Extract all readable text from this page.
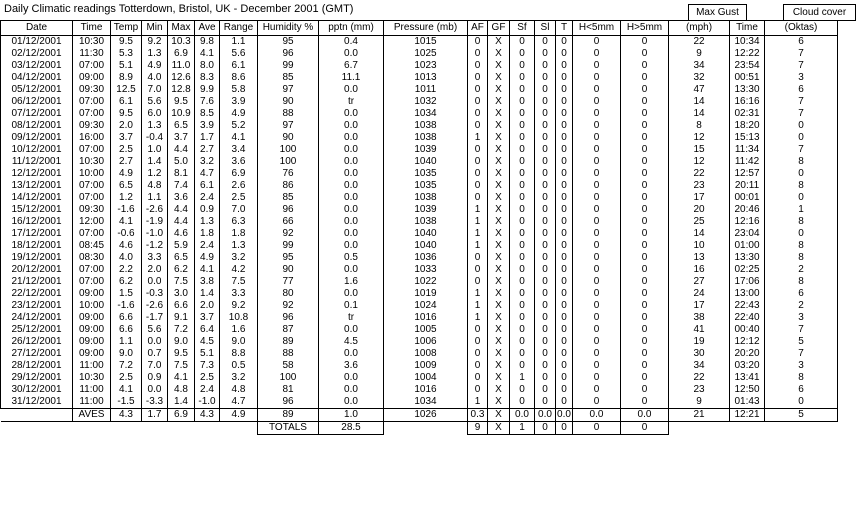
Daily Climatic readings Totterdown, Bristol, UK - December 2001 (GMT)	Max Gust	Cloud cover
Date	Time	Temp	Min	Max	Ave	Range	Humidity %	pptn (mm)	Pressure (mb)	AF	GF	Sf	Sl	T	H<5mm	H>5mm	(mph)	Time	(Oktas)
01/12/2001	10:30	9.5	9.2	10.3	9.8	1.1	95	0.4	1015	0	X	0	0	0	0	0	22	10:34	6
02/12/2001	11:30	5.3	1.3	6.9	4.1	5.6	96	0.0	1025	0	X	0	0	0	0	0	9	12:22	7
03/12/2001	07:00	5.1	4.9	11.0	8.0	6.1	99	6.7	1023	0	X	0	0	0	0	0	34	23:54	7
04/12/2001	09:00	8.9	4.0	12.6	8.3	8.6	85	11.1	1013	0	X	0	0	0	0	0	32	00:51	3
05/12/2001	09:30	12.5	7.0	12.8	9.9	5.8	97	0.0	1011	0	X	0	0	0	0	0	47	13:30	6
06/12/2001	07:00	6.1	5.6	9.5	7.6	3.9	90	tr	1032	0	X	0	0	0	0	0	14	16:16	7
07/12/2001	07:00	9.5	6.0	10.9	8.5	4.9	88	0.0	1034	0	X	0	0	0	0	0	14	02:31	7
08/12/2001	09:30	2.0	1.3	6.5	3.9	5.2	97	0.0	1038	0	X	0	0	0	0	0	8	18:20	0
09/12/2001	16:00	3.7	-0.4	3.7	1.7	4.1	90	0.0	1038	1	X	0	0	0	0	0	12	15:13	0
10/12/2001	07:00	2.5	1.0	4.4	2.7	3.4	100	0.0	1039	0	X	0	0	0	0	0	15	11:34	7
11/12/2001	10:30	2.7	1.4	5.0	3.2	3.6	100	0.0	1040	0	X	0	0	0	0	0	12	11:42	8
12/12/2001	10:00	4.9	1.2	8.1	4.7	6.9	76	0.0	1035	0	X	0	0	0	0	0	22	12:57	0
13/12/2001	07:00	6.5	4.8	7.4	6.1	2.6	86	0.0	1035	0	X	0	0	0	0	0	23	20:11	8
14/12/2001	07:00	1.2	1.1	3.6	2.4	2.5	85	0.0	1038	0	X	0	0	0	0	0	17	00:01	0
15/12/2001	09:30	-1.6	-2.6	4.4	0.9	7.0	96	0.0	1039	1	X	0	0	0	0	0	20	20:46	1
16/12/2001	12:00	4.1	-1.9	4.4	1.3	6.3	66	0.0	1038	1	X	0	0	0	0	0	25	12:16	8
17/12/2001	07:00	-0.6	-1.0	4.6	1.8	1.8	92	0.0	1040	1	X	0	0	0	0	0	14	23:04	0
18/12/2001	08:45	4.6	-1.2	5.9	2.4	1.3	99	0.0	1040	1	X	0	0	0	0	0	10	01:00	8
19/12/2001	08:30	4.0	3.3	6.5	4.9	3.2	95	0.5	1036	0	X	0	0	0	0	0	13	13:30	8
20/12/2001	07:00	2.2	2.0	6.2	4.1	4.2	90	0.0	1033	0	X	0	0	0	0	0	16	02:25	2
21/12/2001	07:00	6.2	0.0	7.5	3.8	7.5	77	1.6	1022	0	X	0	0	0	0	0	27	17:06	8
22/12/2001	09:00	1.5	-0.3	3.0	1.4	3.3	80	0.0	1019	1	X	0	0	0	0	0	24	13:00	6
23/12/2001	10:00	-1.6	-2.6	6.6	2.0	9.2	92	0.1	1024	1	X	0	0	0	0	0	17	22:43	2
24/12/2001	09:00	6.6	-1.7	9.1	3.7	10.8	96	tr	1016	1	X	0	0	0	0	0	38	22:40	3
25/12/2001	09:00	6.6	5.6	7.2	6.4	1.6	87	0.0	1005	0	X	0	0	0	0	0	41	00:40	7
26/12/2001	09:00	1.1	0.0	9.0	4.5	9.0	89	4.5	1006	0	X	0	0	0	0	0	19	12:12	5
27/12/2001	09:00	9.0	0.7	9.5	5.1	8.8	88	0.0	1008	0	X	0	0	0	0	0	30	20:20	7
28/12/2001	11:00	7.2	7.0	7.5	7.3	0.5	58	3.6	1009	0	X	0	0	0	0	0	34	03:20	3
29/12/2001	10:30	2.5	0.9	4.1	2.5	3.2	100	0.0	1004	0	X	1	0	0	0	0	22	13:41	8
30/12/2001	11:00	4.1	0.0	4.8	2.4	4.8	81	0.0	1016	0	X	0	0	0	0	0	23	12:50	6
31/12/2001	11:00	-1.5	-3.3	1.4	-1.0	4.7	96	0.0	1034	1	X	0	0	0	0	0	9	01:43	0
	AVES	4.3	1.7	6.9	4.3	4.9	89	1.0	1026	0.3	X	0.0	0.0	0.0	0.0	0.0	21	12:21	5
							TOTALS	28.5		9	X	1	0	0	0	0			
